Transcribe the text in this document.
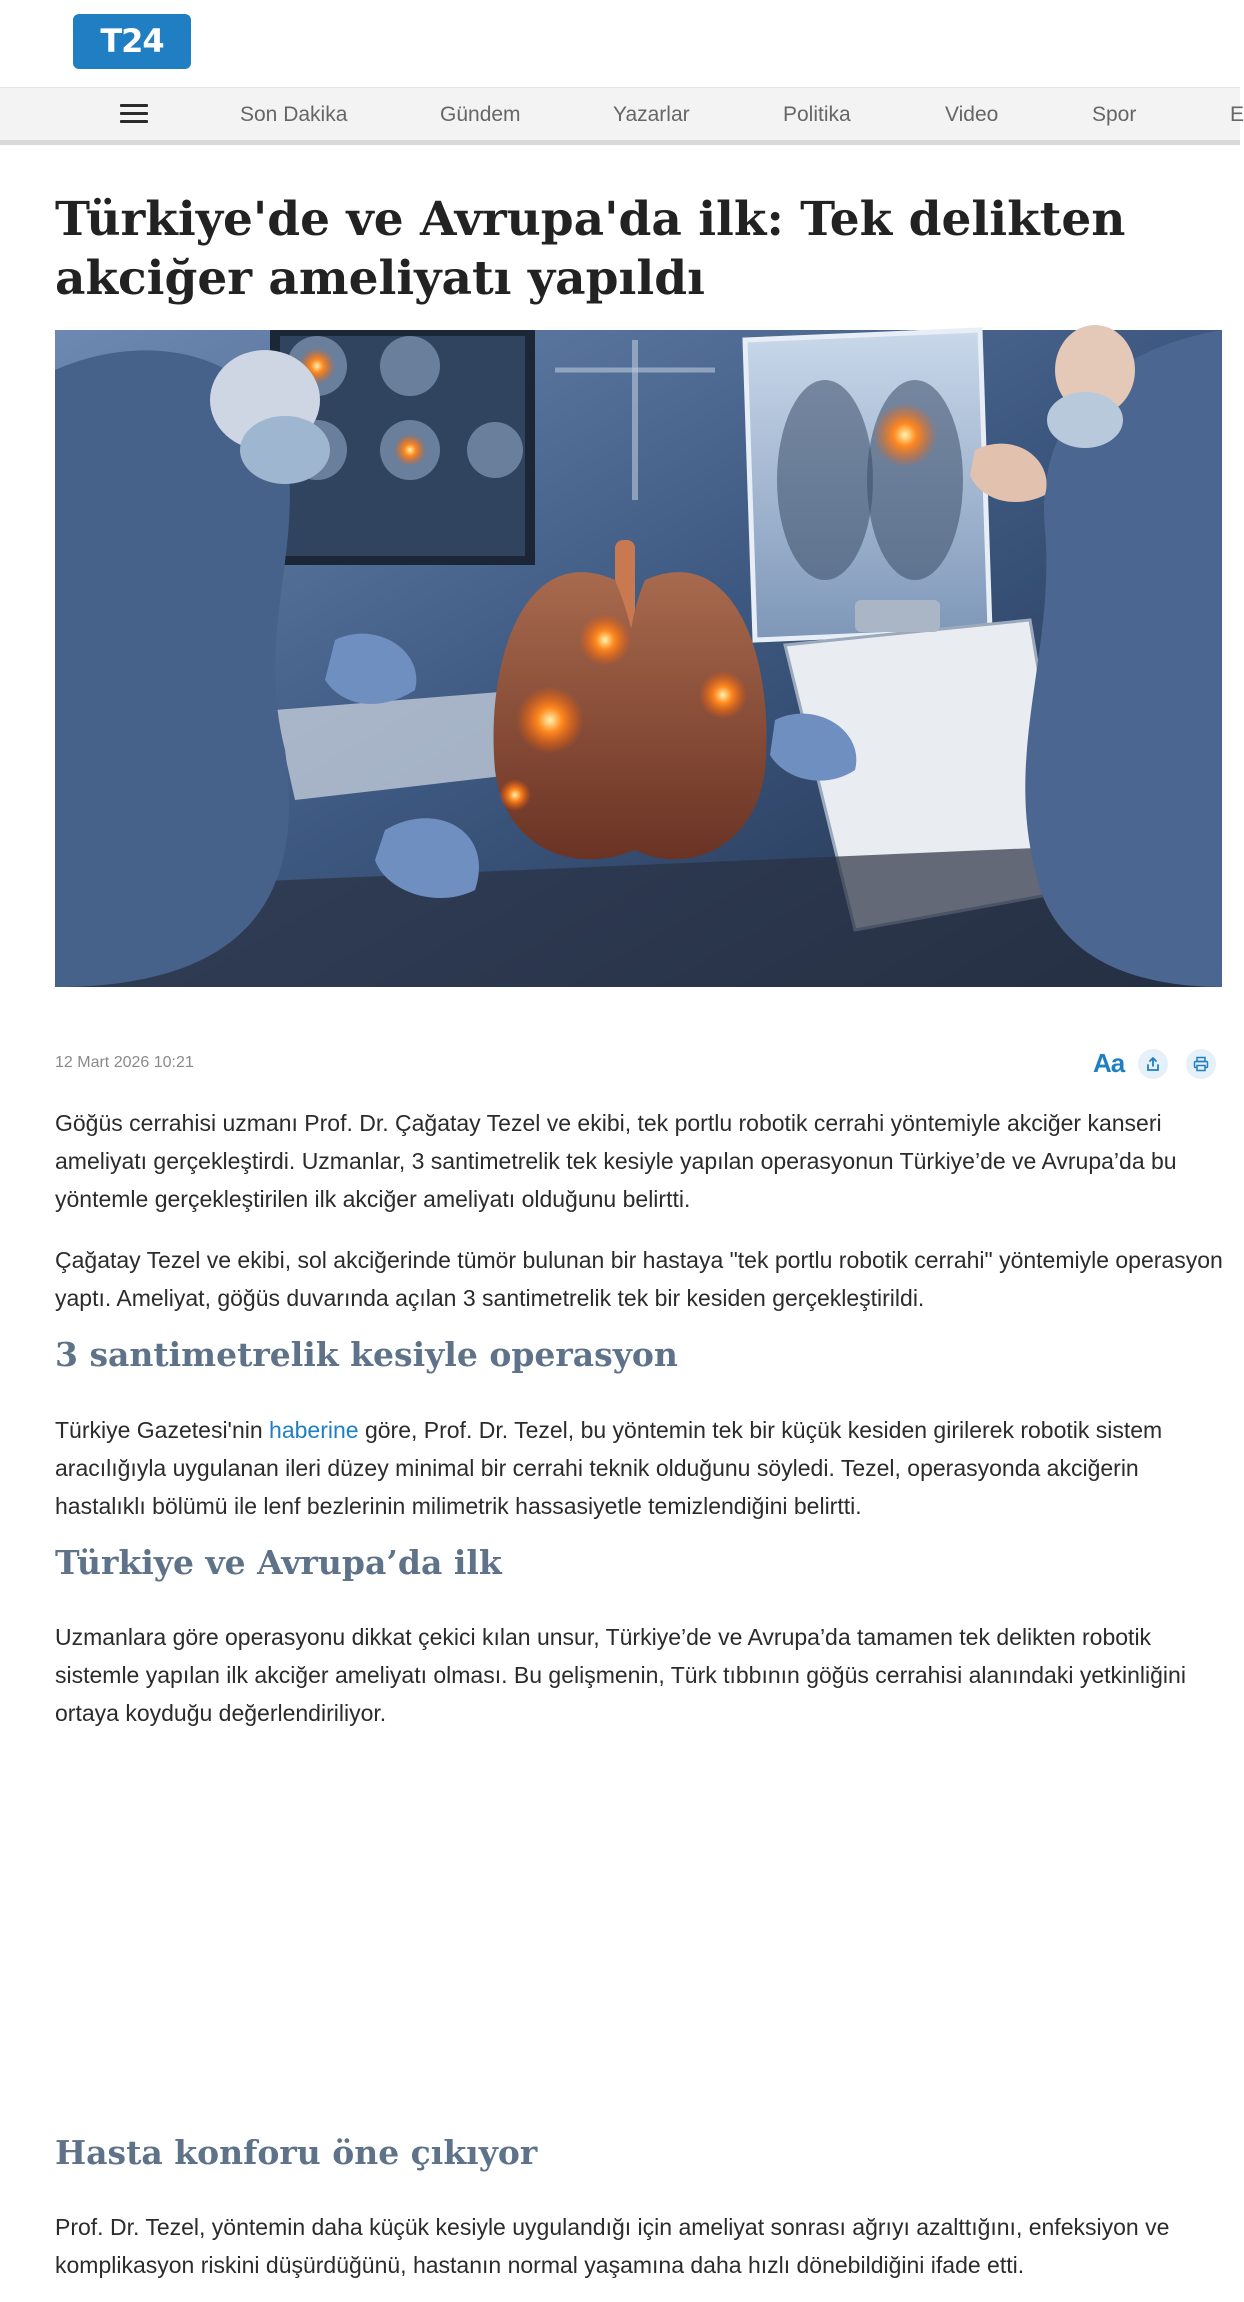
T24
Son Dakika	Gündem	Yazarlar	Politika	Video	Spor	E
Türkiye'de ve Avrupa'da ilk: Tek delikten akciğer ameliyatı yapıldı
12 Mart 2026 10:21	Aa

Göğüs cerrahisi uzmanı Prof. Dr. Çağatay Tezel ve ekibi, tek portlu robotik cerrahi yöntemiyle akciğer kanseri ameliyatı gerçekleştirdi. Uzmanlar, 3 santimetrelik tek kesiyle yapılan operasyonun Türkiye’de ve Avrupa’da bu yöntemle gerçekleştirilen ilk akciğer ameliyatı olduğunu belirtti.

Çağatay Tezel ve ekibi, sol akciğerinde tümör bulunan bir hastaya "tek portlu robotik cerrahi" yöntemiyle operasyon yaptı. Ameliyat, göğüs duvarında açılan 3 santimetrelik tek bir kesiden gerçekleştirildi.

3 santimetrelik kesiyle operasyon

Türkiye Gazetesi'nin haberine göre, Prof. Dr. Tezel, bu yöntemin tek bir küçük kesiden girilerek robotik sistem aracılığıyla uygulanan ileri düzey minimal bir cerrahi teknik olduğunu söyledi. Tezel, operasyonda akciğerin hastalıklı bölümü ile lenf bezlerinin milimetrik hassasiyetle temizlendiğini belirtti.

Türkiye ve Avrupa’da ilk

Uzmanlara göre operasyonu dikkat çekici kılan unsur, Türkiye’de ve Avrupa’da tamamen tek delikten robotik sistemle yapılan ilk akciğer ameliyatı olması. Bu gelişmenin, Türk tıbbının göğüs cerrahisi alanındaki yetkinliğini ortaya koyduğu değerlendiriliyor.

Hasta konforu öne çıkıyor

Prof. Dr. Tezel, yöntemin daha küçük kesiyle uygulandığı için ameliyat sonrası ağrıyı azalttığını, enfeksiyon ve komplikasyon riskini düşürdüğünü, hastanın normal yaşamına daha hızlı dönebildiğini ifade etti.
